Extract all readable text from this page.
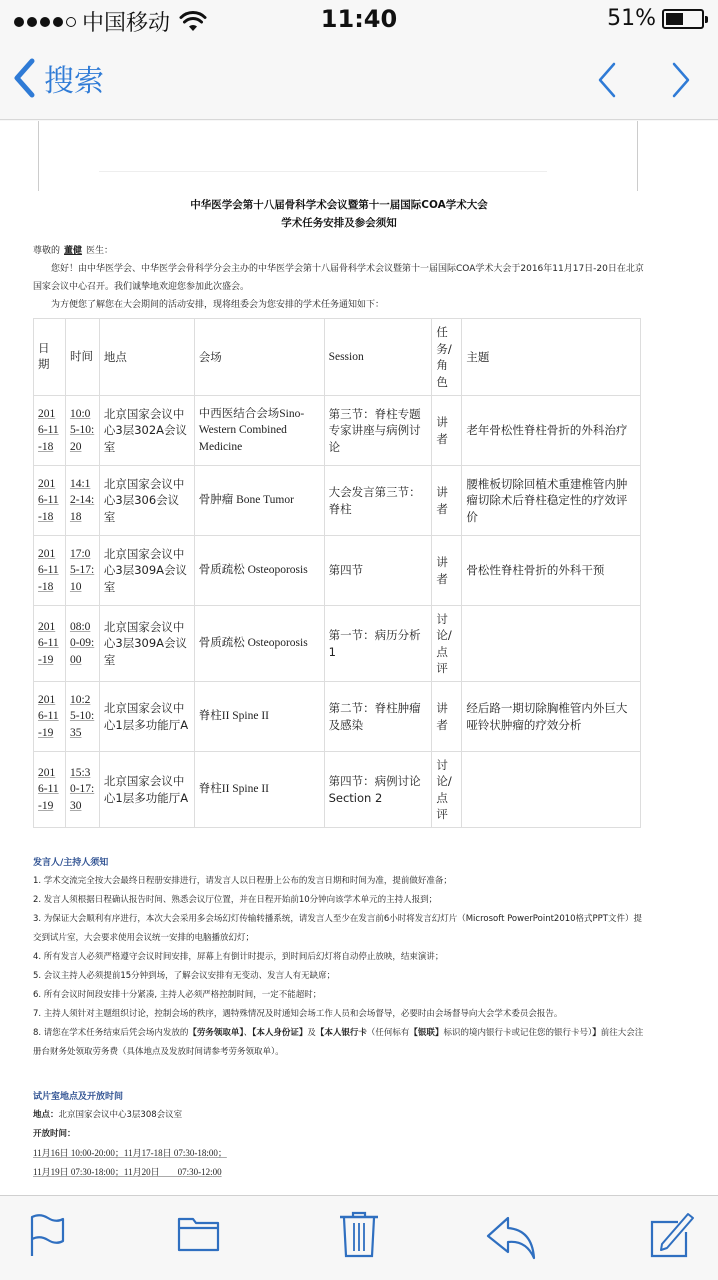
中国移动	11:40	51%
搜索
中华医学会第十八届骨科学术会议暨第十一届国际COA学术大会
学术任务安排及参会须知
尊敬的 董健 医生：
您好！由中华医学会、中华医学会骨科学分会主办的中华医学会第十八届骨科学术会议暨第十一届国际COA学术大会于2016年11月17日-20日在北京国家会议中心召开。我们诚挚地欢迎您参加此次盛会。
为方便您了解您在大会期间的活动安排，现将组委会为您安排的学术任务通知如下：
日期	时间	地点	会场	Session	任务/角色	主题
2016-11-18	10:05-10:20	北京国家会议中心3层302A会议室	中西医结合会场Sino-Western Combined Medicine	第三节：脊柱专题专家讲座与病例讨论	讲者	老年骨松性脊柱骨折的外科治疗
2016-11-18	14:12-14:18	北京国家会议中心3层306会议室	骨肿瘤 Bone Tumor	大会发言第三节：脊柱	讲者	腰椎板切除回植术重建椎管内肿瘤切除术后脊柱稳定性的疗效评价
2016-11-18	17:05-17:10	北京国家会议中心3层309A会议室	骨质疏松 Osteoporosis	第四节	讲者	骨松性脊柱骨折的外科干预
2016-11-19	08:00-09:00	北京国家会议中心3层309A会议室	骨质疏松 Osteoporosis	第一节：病历分析1	讨论/点评	
2016-11-19	10:25-10:35	北京国家会议中心1层多功能厅A	脊柱II Spine II	第二节：脊柱肿瘤及感染	讲者	经后路一期切除胸椎管内外巨大哑铃状肿瘤的疗效分析
2016-11-19	15:30-17:30	北京国家会议中心1层多功能厅A	脊柱II Spine II	第四节：病例讨论 Section 2	讨论/点评	
发言人/主持人须知
1. 学术交流完全按大会最终日程册安排进行，请发言人以日程册上公布的发言日期和时间为准，提前做好准备；
2. 发言人须根据日程确认报告时间、熟悉会议厅位置，并在日程开始前10分钟向该学术单元的主持人报到；
3. 为保证大会顺利有序进行，本次大会采用多会场幻灯传输转播系统，请发言人至少在发言前6小时将发言幻灯片（Microsoft PowerPoint2010格式PPT文件）提交到试片室，大会要求使用会议统一安排的电脑播放幻灯；
4. 所有发言人必须严格遵守会议时间安排，屏幕上有倒计时提示，到时间后幻灯将自动停止放映，结束演讲；
5. 会议主持人必须提前15分钟到场，了解会议安排有无变动、发言人有无缺席；
6. 所有会议时间段安排十分紧凑, 主持人必须严格控制时间，一定不能超时；
7. 主持人须针对主题组织讨论，控制会场的秩序，遇特殊情况及时通知会场工作人员和会场督导，必要时由会场督导向大会学术委员会报告。
8. 请您在学术任务结束后凭会场内发放的【劳务领取单】、【本人身份证】及【本人银行卡（任何标有【银联】标识的境内银行卡或记住您的银行卡号）】前往大会注册台财务处领取劳务费（具体地点及发放时间请参考劳务领取单）。
试片室地点及开放时间
地点：北京国家会议中心3层308会议室
开放时间：
11月16日 10:00-20:00；11月17-18日 07:30-18:00；
11月19日 07:30-18:00；11月20日　　07:30-12:00
